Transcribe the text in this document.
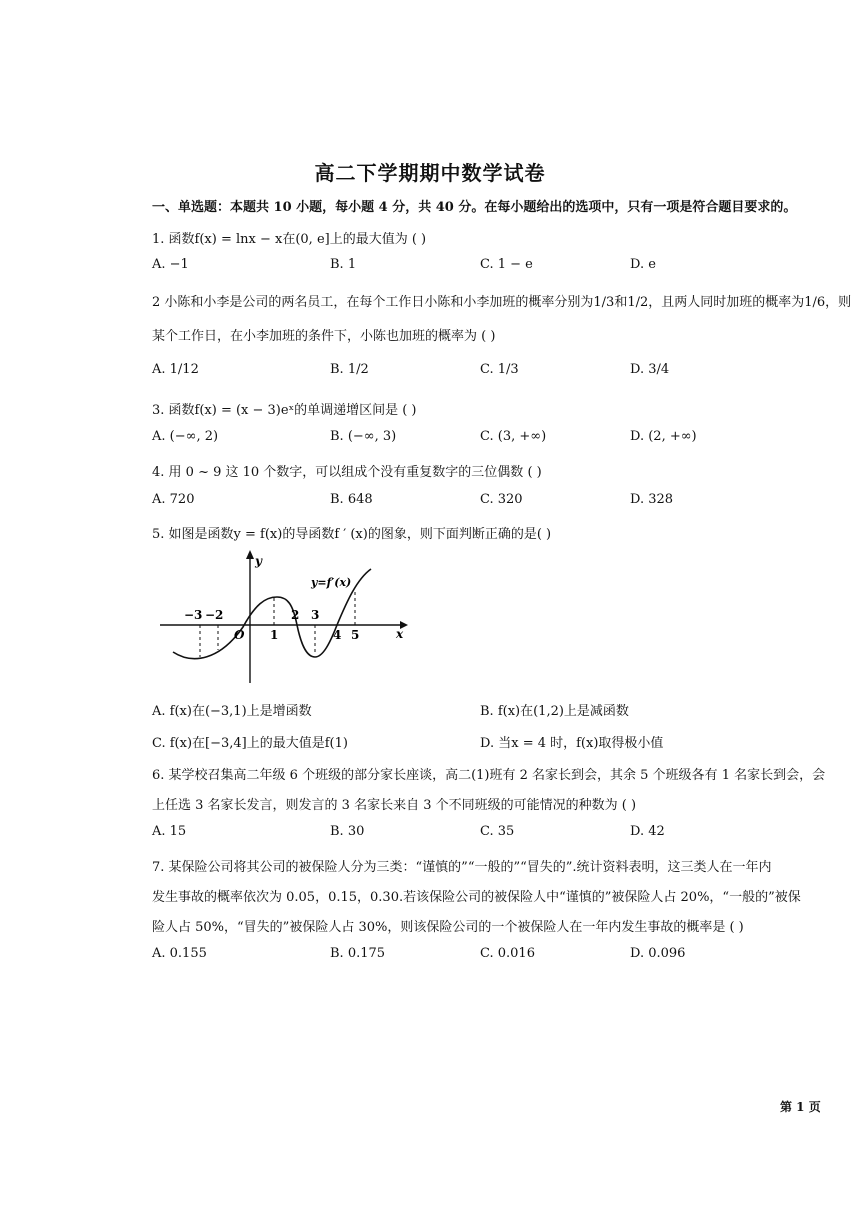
高二下学期期中数学试卷
一、单选题：本题共 10 小题，每小题 4 分，共 40 分。在每小题给出的选项中，只有一项是符合题目要求的。
1. 函数f(x) = lnx − x在(0, e]上的最大值为 ( )
A. −1	B. 1	C. 1 − e	D. e
2 小陈和小李是公司的两名员工，在每个工作日小陈和小李加班的概率分别为1/3和1/2，且两人同时加班的概率为1/6，则
某个工作日，在小李加班的条件下，小陈也加班的概率为 ( )
A. 1/12	B. 1/2	C. 1/3	D. 3/4
3. 函数f(x) = (x − 3)eˣ的单调递增区间是 ( )
A. (−∞, 2)	B. (−∞, 3)	C. (3, +∞)	D. (2, +∞)
4. 用 0 ~ 9 这 10 个数字，可以组成个没有重复数字的三位偶数 ( )
A. 720	B. 648	C. 320	D. 328
5. 如图是函数y = f(x)的导函数f ′ (x)的图象，则下面判断正确的是( )
y
x
y=f′(x)
O
−3 −2
1
2 3
4 5
A. f(x)在(−3,1)上是增函数	B. f(x)在(1,2)上是减函数
C. f(x)在[−3,4]上的最大值是f(1)	D. 当x = 4 时，f(x)取得极小值
6. 某学校召集高二年级 6 个班级的部分家长座谈，高二(1)班有 2 名家长到会，其余 5 个班级各有 1 名家长到会，会
上任选 3 名家长发言，则发言的 3 名家长来自 3 个不同班级的可能情况的种数为 ( )
A. 15	B. 30	C. 35	D. 42
7. 某保险公司将其公司的被保险人分为三类：“谨慎的”“一般的”“冒失的”.统计资料表明，这三类人在一年内
发生事故的概率依次为 0.05，0.15，0.30.若该保险公司的被保险人中“谨慎的”被保险人占 20%，“一般的”被保
险人占 50%，“冒失的”被保险人占 30%，则该保险公司的一个被保险人在一年内发生事故的概率是 ( )
A. 0.155	B. 0.175	C. 0.016	D. 0.096
第 1 页
